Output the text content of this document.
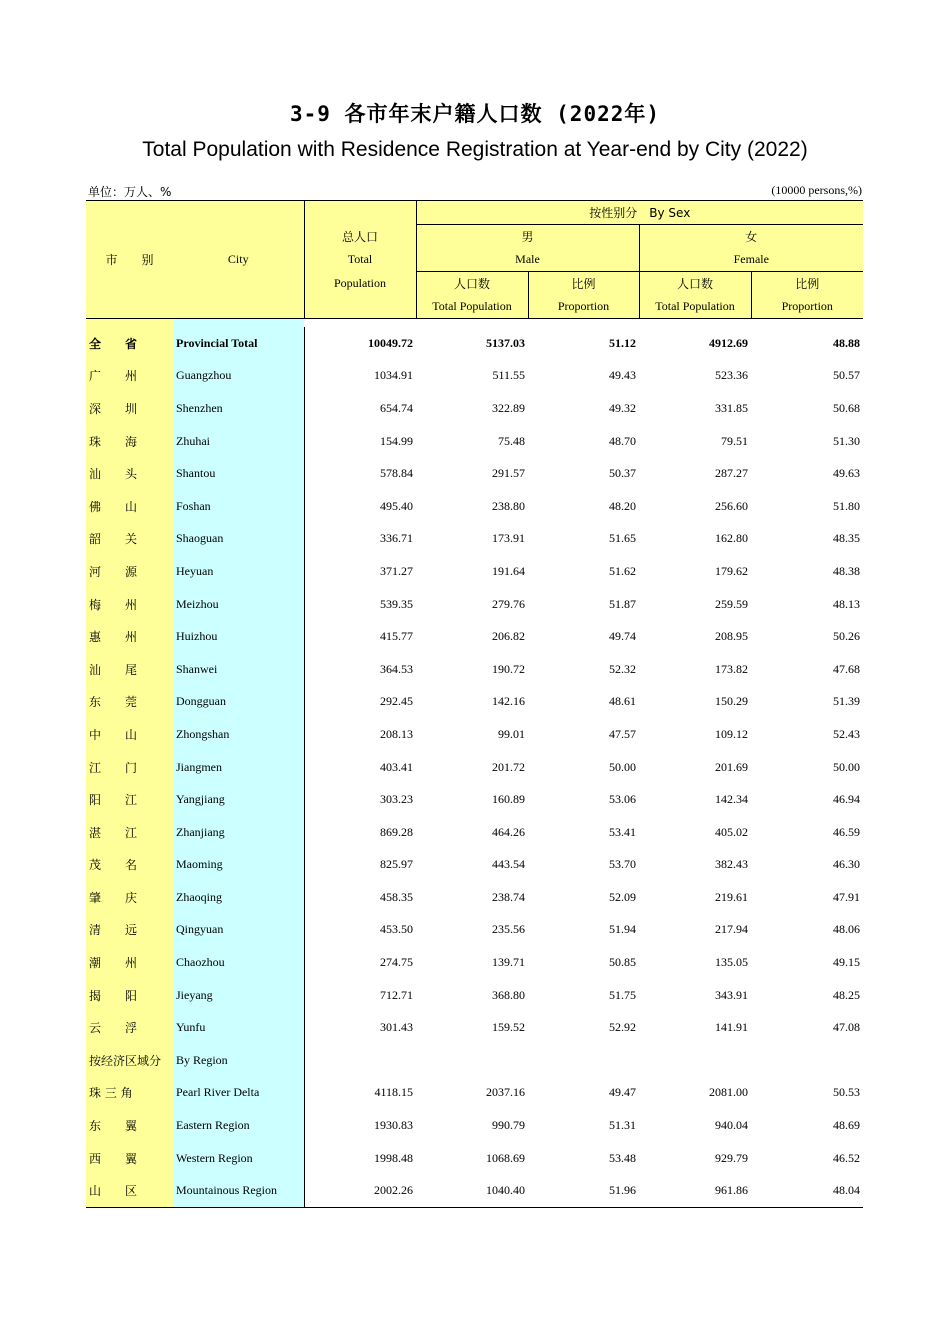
3-9 各市年末户籍人口数 (2022年)
Total Population with Residence Registration at Year-end by City (2022)
单位：万人、%	(10000 persons,%)
市　　别	City		按性别分　By Sex			
		总人口	男		女	
		Total	Male		Female	
		Population	人口数	比例	人口数	比例
			Total Population	Proportion	Total Population	Proportion

全　　省	Provincial Total	10049.72	5137.03	51.12	4912.69	48.88
广　　州	Guangzhou	1034.91	511.55	49.43	523.36	50.57
深　　圳	Shenzhen	654.74	322.89	49.32	331.85	50.68
珠　　海	Zhuhai	154.99	75.48	48.70	79.51	51.30
汕　　头	Shantou	578.84	291.57	50.37	287.27	49.63
佛　　山	Foshan	495.40	238.80	48.20	256.60	51.80
韶　　关	Shaoguan	336.71	173.91	51.65	162.80	48.35
河　　源	Heyuan	371.27	191.64	51.62	179.62	48.38
梅　　州	Meizhou	539.35	279.76	51.87	259.59	48.13
惠　　州	Huizhou	415.77	206.82	49.74	208.95	50.26
汕　　尾	Shanwei	364.53	190.72	52.32	173.82	47.68
东　　莞	Dongguan	292.45	142.16	48.61	150.29	51.39
中　　山	Zhongshan	208.13	99.01	47.57	109.12	52.43
江　　门	Jiangmen	403.41	201.72	50.00	201.69	50.00
阳　　江	Yangjiang	303.23	160.89	53.06	142.34	46.94
湛　　江	Zhanjiang	869.28	464.26	53.41	405.02	46.59
茂　　名	Maoming	825.97	443.54	53.70	382.43	46.30
肇　　庆	Zhaoqing	458.35	238.74	52.09	219.61	47.91
清　　远	Qingyuan	453.50	235.56	51.94	217.94	48.06
潮　　州	Chaozhou	274.75	139.71	50.85	135.05	49.15
揭　　阳	Jieyang	712.71	368.80	51.75	343.91	48.25
云　　浮	Yunfu	301.43	159.52	52.92	141.91	47.08
按经济区域分	By Region					
珠 三 角	Pearl River Delta	4118.15	2037.16	49.47	2081.00	50.53
东　　翼	Eastern Region	1930.83	990.79	51.31	940.04	48.69
西　　翼	Western Region	1998.48	1068.69	53.48	929.79	46.52
山　　区	Mountainous Region	2002.26	1040.40	51.96	961.86	48.04
